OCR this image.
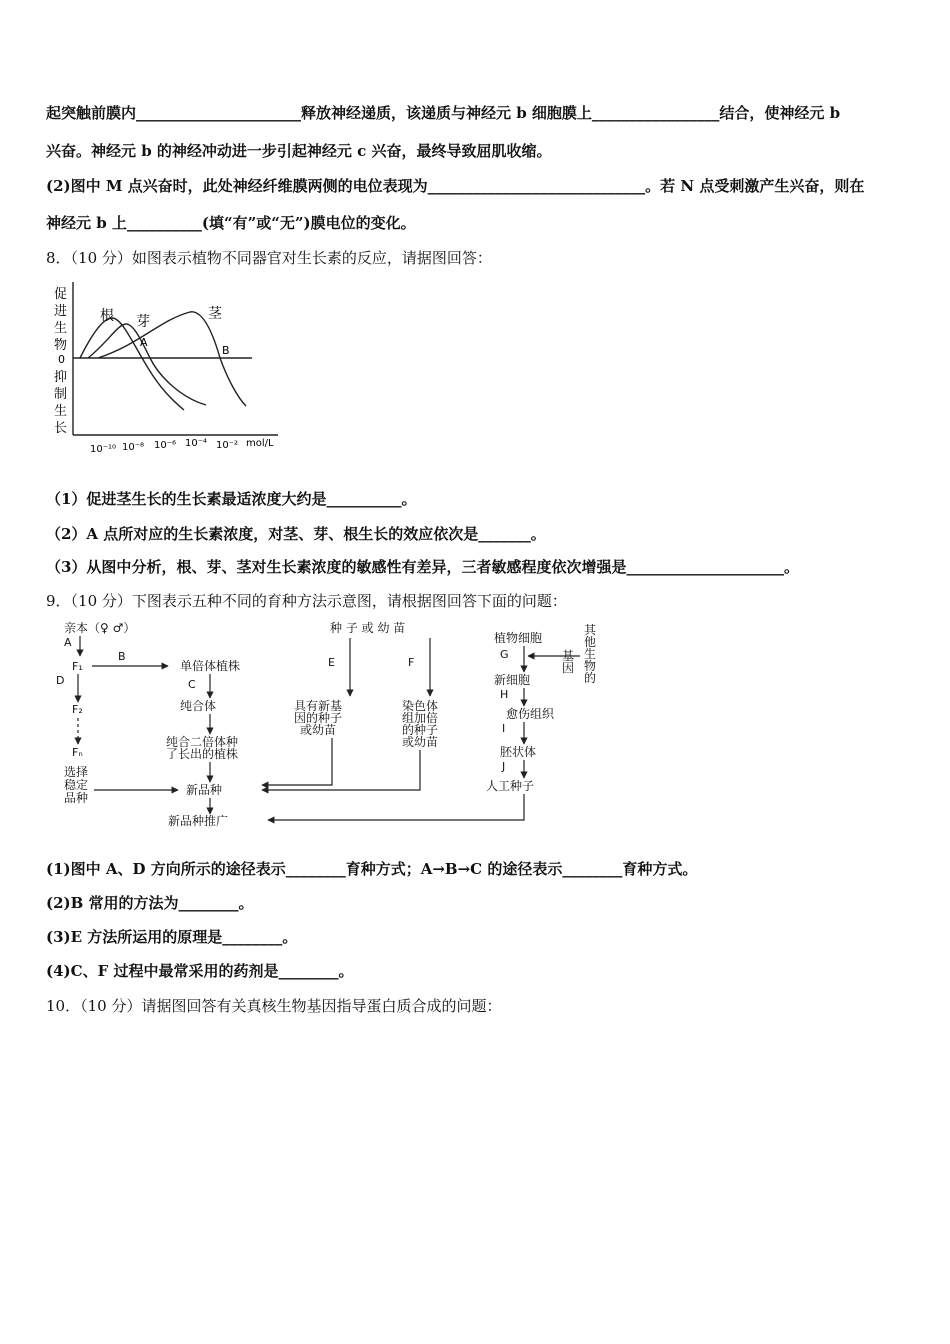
起突触前膜内______________________释放神经递质，该递质与神经元 b 细胞膜上_________________结合，使神经元 b
兴奋。神经元 b 的神经冲动进一步引起神经元 c 兴奋，最终导致屈肌收缩。
(2)图中 M 点兴奋时，此处神经纤维膜两侧的电位表现为_____________________________。若 N 点受刺激产生兴奋，则在
神经元 b 上__________(填“有”或“无”)膜电位的变化。
8．（10 分）如图表示植物不同器官对生长素的反应，请据图回答：
促
进
生
物
0
抑
制
生
长
根 芽	茎
A
B
10⁻¹⁰ 10⁻⁸ 10⁻⁶ 10⁻⁴ 10⁻² mol/L
（1）促进茎生长的生长素最适浓度大约是__________。
（2）A 点所对应的生长素浓度，对茎、芽、根生长的效应依次是_______。
（3）从图中分析，根、芽、茎对生长素浓度的敏感性有差异，三者敏感程度依次增强是_____________________。
9．（10 分）下图表示五种不同的育种方法示意图，请根据图回答下面的问题：
亲本（♀ ♂）
A
F₁
B
D
F₂
Fₙ
选择
稳定
品种
单倍体植株
C
纯合体
纯合二倍体种
了长出的植株
新品种
新品种推广
种 子 或 幼 苗
E
具有新基
因的种子
或幼苗
F
染色体
组加倍
的种子
或幼苗
植物细胞
其
他
生
物
的
基
因
G
新细胞
H
愈伤组织
I
胚状体
J
人工种子
(1)图中 A、D 方向所示的途径表示________育种方式；A→B→C 的途径表示________育种方式。
(2)B 常用的方法为________。
(3)E 方法所运用的原理是________。
(4)C、F 过程中最常采用的药剂是________。
10．（10 分）请据图回答有关真核生物基因指导蛋白质合成的问题：
